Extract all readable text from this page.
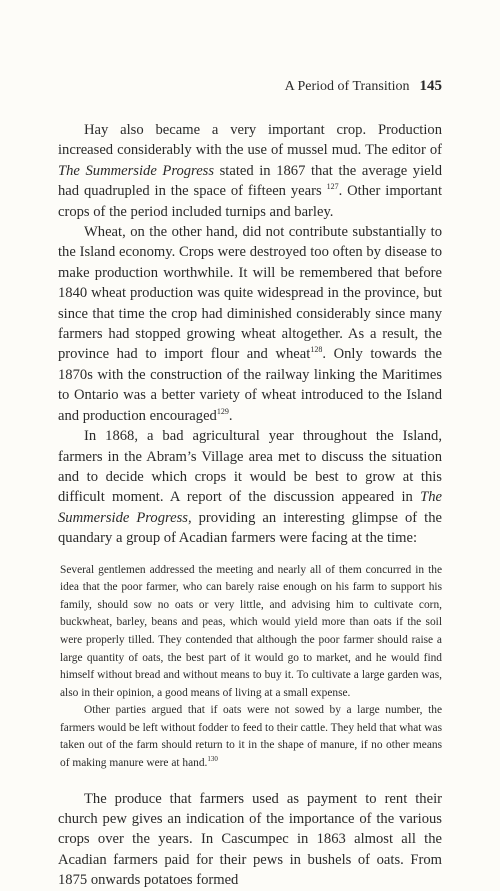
A Period of Transition 145

Hay also became a very important crop. Production increased considerably with the use of mussel mud. The editor of The Summerside Progress stated in 1867 that the average yield had quadrupled in the space of fifteen years $^{127}$. Other important crops of the period included turnips and barley.

Wheat, on the other hand, did not contribute substantially to the Island economy. Crops were destroyed too often by disease to make production worthwhile. It will be remembered that before 1840 wheat production was quite widespread in the province, but since that time the crop had diminished considerably since many farmers had stopped growing wheat altogether. As a result, the province had to import flour and wheat$^{128}$. Only towards the 1870s with the construction of the railway linking the Maritimes to Ontario was a better variety of wheat introduced to the Island and production encouraged$^{129}$.

In 1868, a bad agricultural year throughout the Island, farmers in the Abram’s Village area met to discuss the situation and to decide which crops it would be best to grow at this difficult moment. A report of the discussion appeared in The Summerside Progress, providing an interesting glimpse of the quandary a group of Acadian farmers were facing at the time:

Several gentlemen addressed the meeting and nearly all of them concurred in the idea that the poor farmer, who can barely raise enough on his farm to support his family, should sow no oats or very little, and advising him to cultivate corn, buckwheat, barley, beans and peas, which would yield more than oats if the soil were properly tilled. They contended that although the poor farmer should raise a large quantity of oats, the best part of it would go to market, and he would find himself without bread and without means to buy it. To cultivate a large garden was, also in their opinion, a good means of living at a small expense.

Other parties argued that if oats were not sowed by a large number, the farmers would be left without fodder to feed to their cattle. They held that what was taken out of the farm should return to it in the shape of manure, if no other means of making manure were at hand.$^{130}$

The produce that farmers used as payment to rent their church pew gives an indication of the importance of the various crops over the years. In Cascumpec in 1863 almost all the Acadian farmers paid for their pews in bushels of oats. From 1875 onwards potatoes formed
